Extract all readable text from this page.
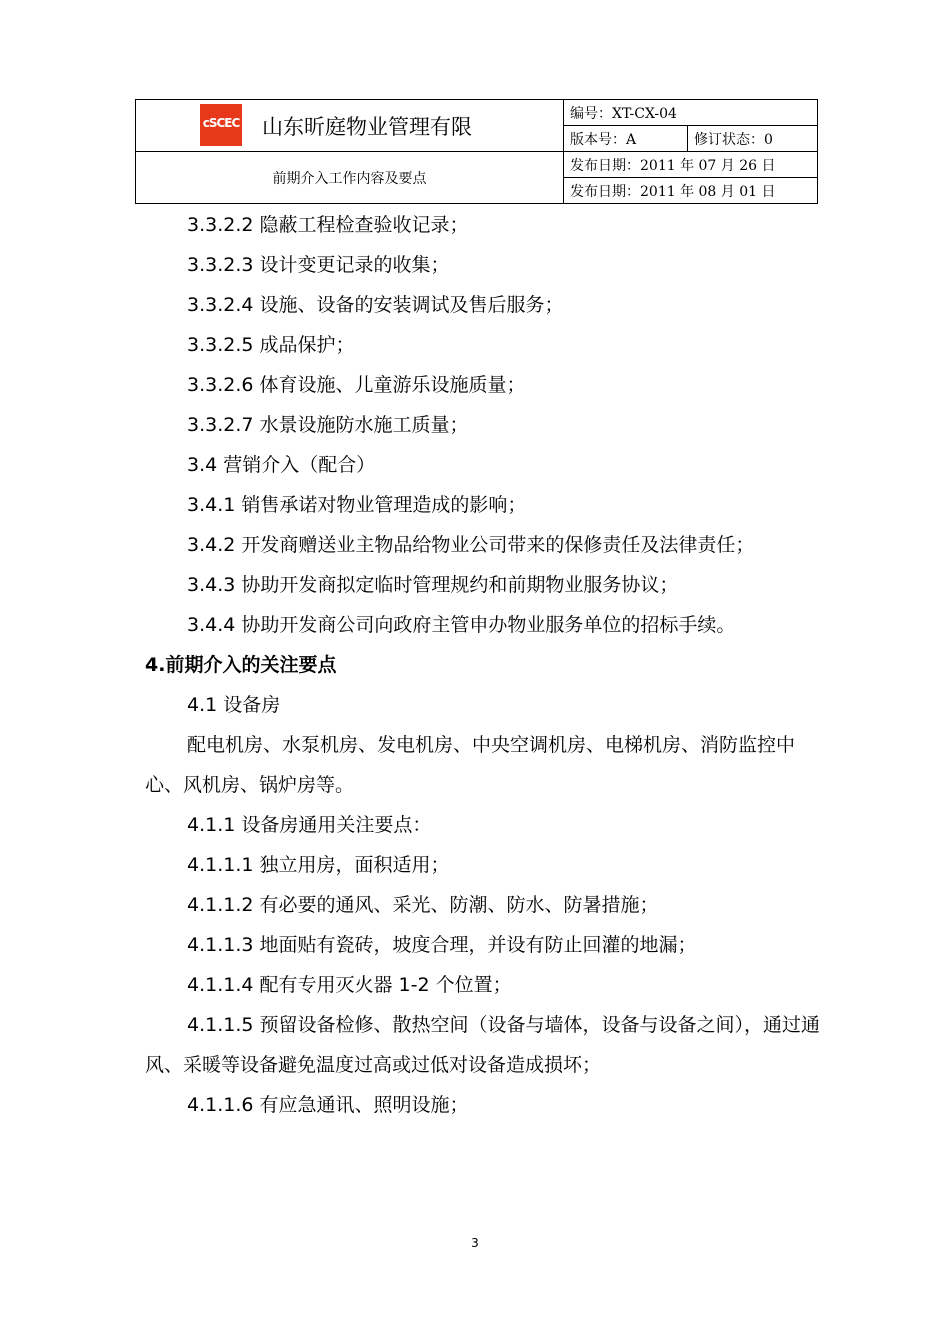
cSCEC 山东昕庭物业管理有限	编号：XT-CX-04	
	版本号：A	修订状态：0
前期介入工作内容及要点	发布日期：2011 年 07 月 26 日	
	发布日期：2011 年 08 月 01 日	

3.3.2.2 隐蔽工程检查验收记录；

3.3.2.3 设计变更记录的收集；

3.3.2.4 设施、设备的安装调试及售后服务；

3.3.2.5 成品保护；

3.3.2.6 体育设施、儿童游乐设施质量；

3.3.2.7 水景设施防水施工质量；

3.4 营销介入（配合）

3.4.1 销售承诺对物业管理造成的影响；

3.4.2 开发商赠送业主物品给物业公司带来的保修责任及法律责任；

3.4.3 协助开发商拟定临时管理规约和前期物业服务协议；

3.4.4 协助开发商公司向政府主管申办物业服务单位的招标手续。

4.前期介入的关注要点

4.1 设备房

配电机房、水泵机房、发电机房、中央空调机房、电梯机房、消防监控中心、风机房、锅炉房等。

4.1.1 设备房通用关注要点：

4.1.1.1 独立用房，面积适用；

4.1.1.2 有必要的通风、采光、防潮、防水、防暑措施；

4.1.1.3 地面贴有瓷砖，坡度合理，并设有防止回灌的地漏；

4.1.1.4 配有专用灭火器 1-2 个位置；

4.1.1.5 预留设备检修、散热空间（设备与墙体，设备与设备之间），通过通风、采暖等设备避免温度过高或过低对设备造成损坏；

4.1.1.6 有应急通讯、照明设施；

3
